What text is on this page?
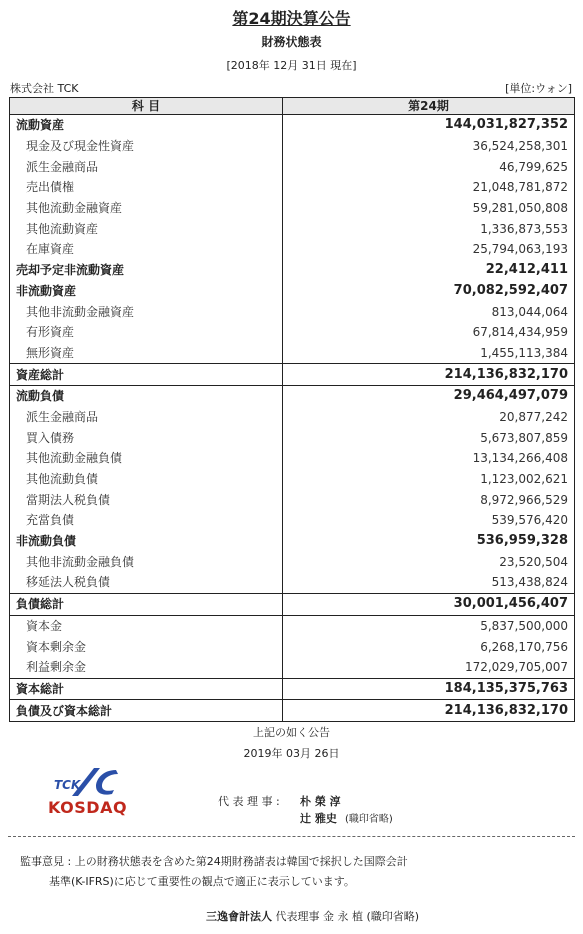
第24期決算公告
財務状態表
[2018年 12月 31日 現在]
株式会社 TCK	[単位:ウォン]
科 目	第24期
流動資産	144,031,827,352
現金及び現金性資産	36,524,258,301
派生金融商品	46,799,625
売出債権	21,048,781,872
其他流動金融資産	59,281,050,808
其他流動資産	1,336,873,553
在庫資産	25,794,063,193
売却予定非流動資産	22,412,411
非流動資産	70,082,592,407
其他非流動金融資産	813,044,064
有形資産	67,814,434,959
無形資産	1,455,113,384
資産総計	214,136,832,170
流動負債	29,464,497,079
派生金融商品	20,877,242
買入債務	5,673,807,859
其他流動金融負債	13,134,266,408
其他流動負債	1,123,002,621
當期法人税負債	8,972,966,529
充當負債	539,576,420
非流動負債	536,959,328
其他非流動金融負債	23,520,504
移延法人税負債	513,438,824
負債総計	30,001,456,407
資本金	5,837,500,000
資本剰余金	6,268,170,756
利益剰余金	172,029,705,007
資本総計	184,135,375,763
負債及び資本総計	214,136,832,170
上記の如く公告
2019年 03月 26日
TCK
KOSDAQ	代 表 理 事 : 朴 榮 淳
辻 雅史 (職印省略)
監事意見 : 上の財務状態表を含めた第24期財務諸表は韓国で採択した国際会計
基準(K-IFRS)に応じて重要性の観点で適正に表示しています。
三逸會計法人 代表理事 金 永 植 (職印省略)
